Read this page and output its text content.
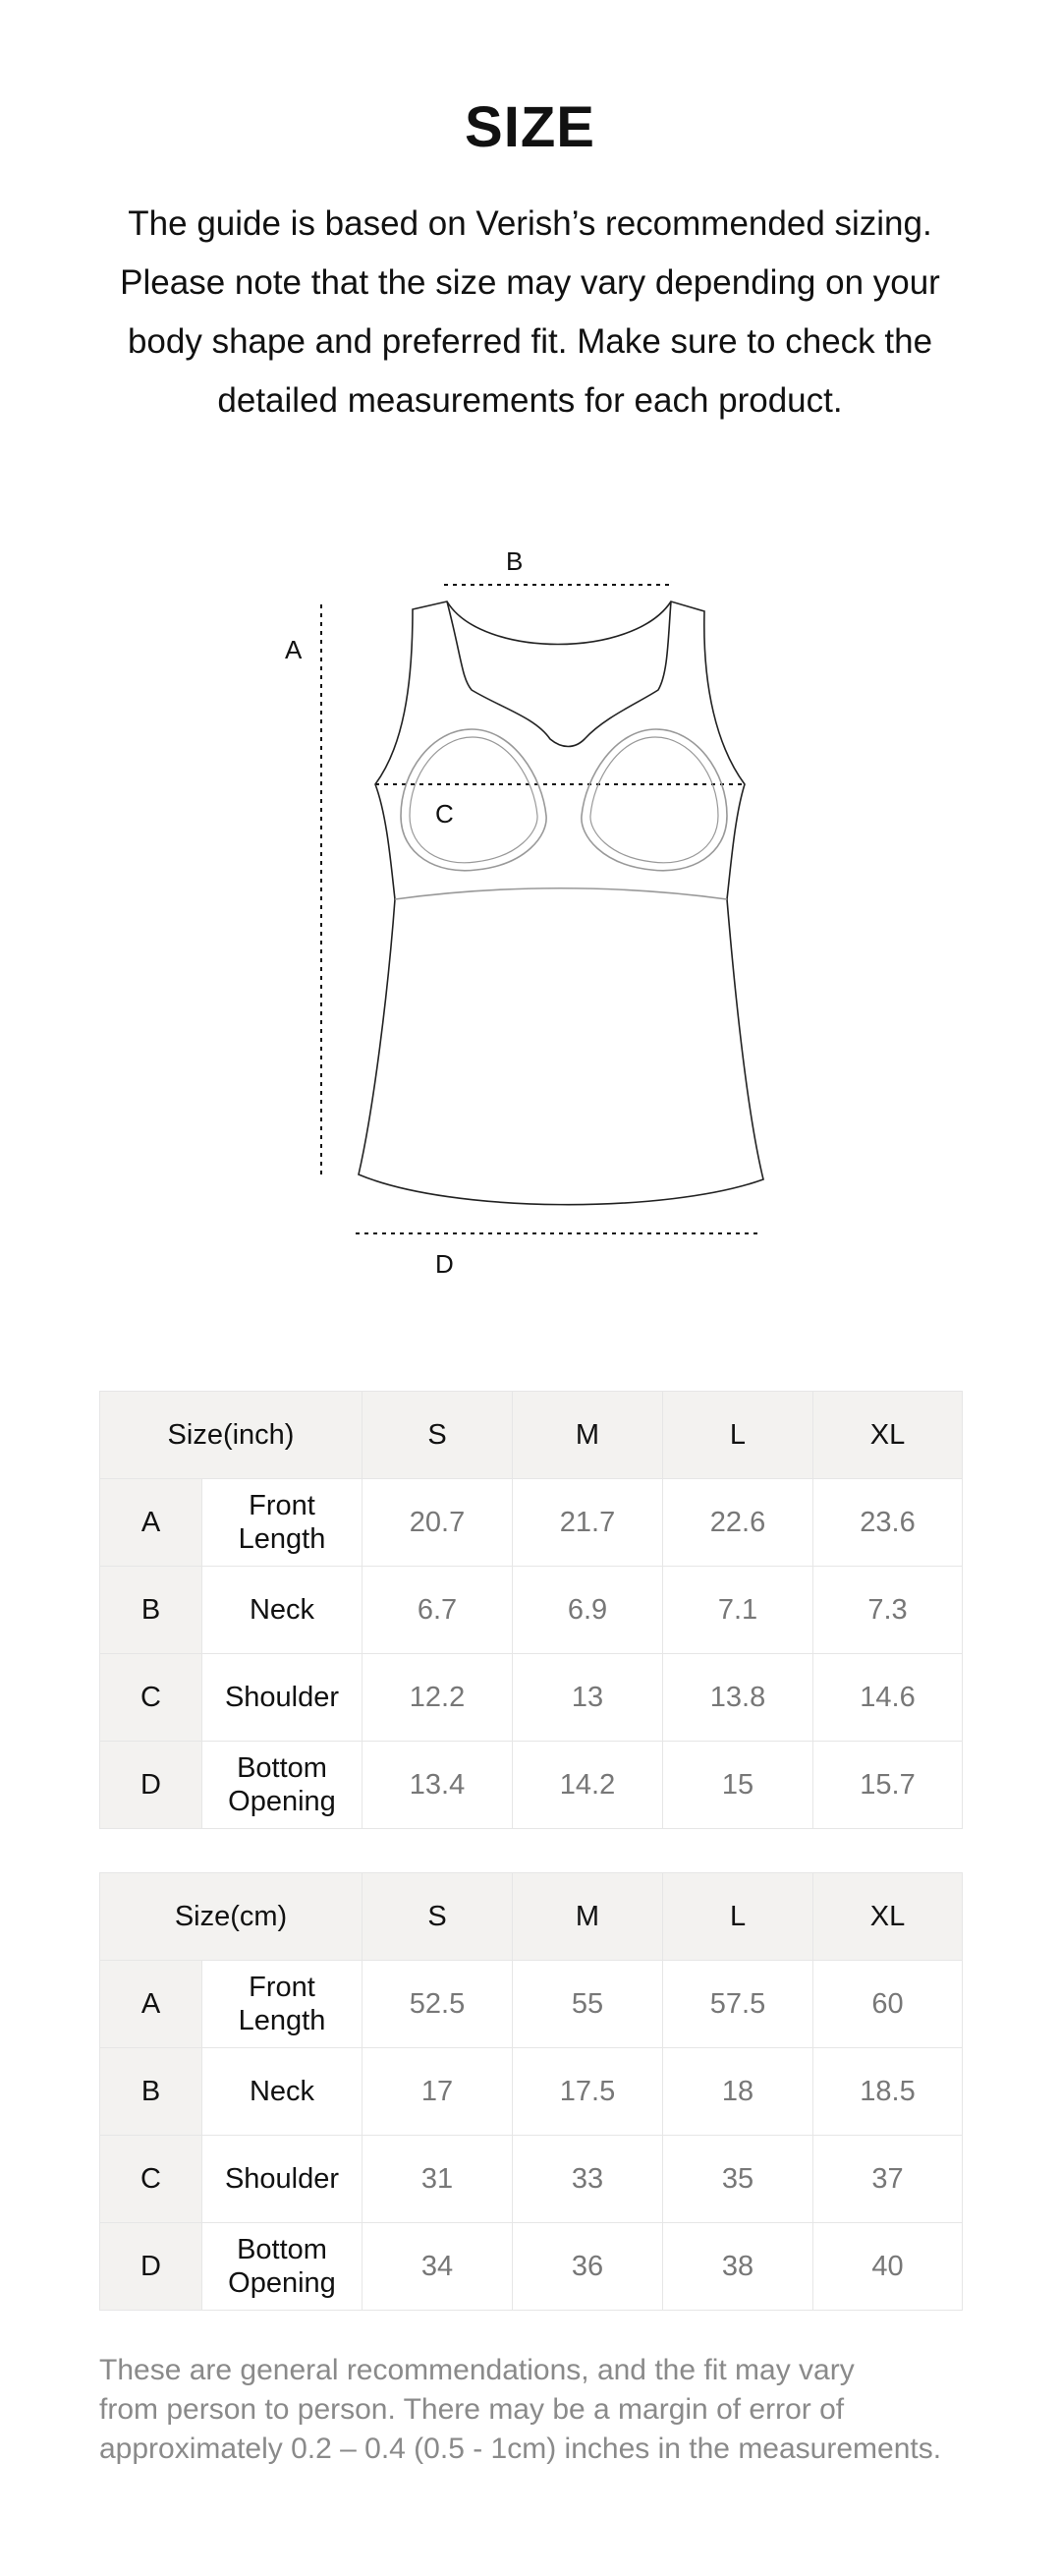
SIZE

The guide is based on Verish’s recommended sizing.
Please note that the size may vary depending on your
body shape and preferred fit. Make sure to check the
detailed measurements for each product.

B
A
C
D
Size(inch)		S	M	L	XL
A	Front
Length	20.7	21.7	22.6	23.6
B	Neck	6.7	6.9	7.1	7.3
C	Shoulder	12.2	13	13.8	14.6
D	Bottom
Opening	13.4	14.2	15	15.7
Size(cm)		S	M	L	XL
A	Front
Length	52.5	55	57.5	60
B	Neck	17	17.5	18	18.5
C	Shoulder	31	33	35	37
D	Bottom
Opening	34	36	38	40

These are general recommendations, and the fit may vary
from person to person. There may be a margin of error of
approximately 0.2 – 0.4 (0.5 - 1cm) inches in the measurements.
